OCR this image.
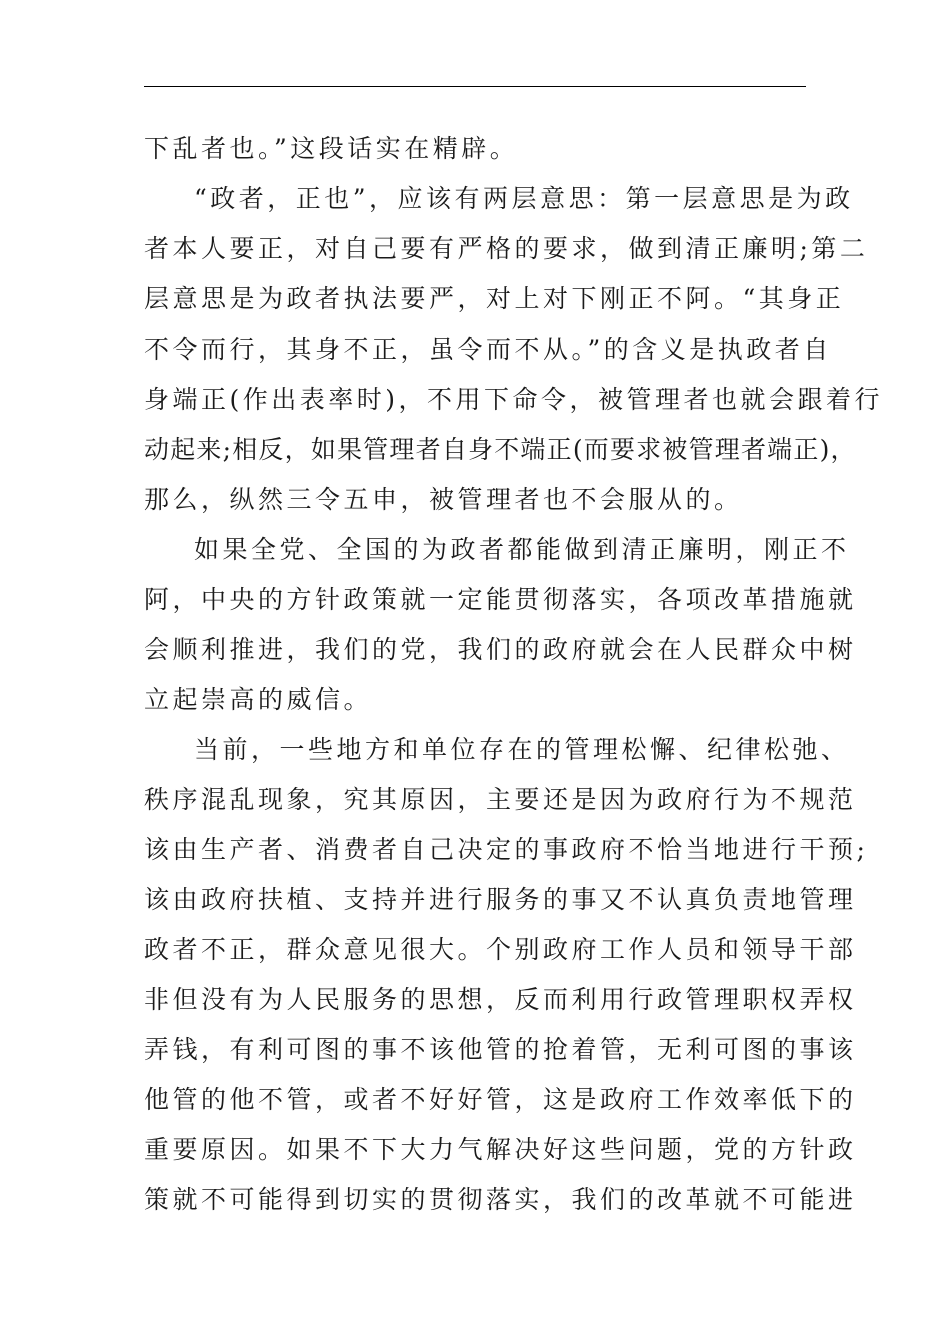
下乱者也。”这段话实在精辟。
“政者，正也”，应该有两层意思：第一层意思是为政
者本人要正，对自己要有严格的要求，做到清正廉明;第二
层意思是为政者执法要严，对上对下刚正不阿。“其身正
不令而行，其身不正，虽令而不从。”的含义是执政者自
身端正(作出表率时)，不用下命令，被管理者也就会跟着行
动起来;相反，如果管理者自身不端正(而要求被管理者端正)，
那么，纵然三令五申，被管理者也不会服从的。
如果全党、全国的为政者都能做到清正廉明，刚正不
阿，中央的方针政策就一定能贯彻落实，各项改革措施就
会顺利推进，我们的党，我们的政府就会在人民群众中树
立起崇高的威信。
当前，一些地方和单位存在的管理松懈、纪律松弛、
秩序混乱现象，究其原因，主要还是因为政府行为不规范
该由生产者、消费者自己决定的事政府不恰当地进行干预;
该由政府扶植、支持并进行服务的事又不认真负责地管理
政者不正，群众意见很大。个别政府工作人员和领导干部
非但没有为人民服务的思想，反而利用行政管理职权弄权
弄钱，有利可图的事不该他管的抢着管，无利可图的事该
他管的他不管，或者不好好管，这是政府工作效率低下的
重要原因。如果不下大力气解决好这些问题，党的方针政
策就不可能得到切实的贯彻落实，我们的改革就不可能进
